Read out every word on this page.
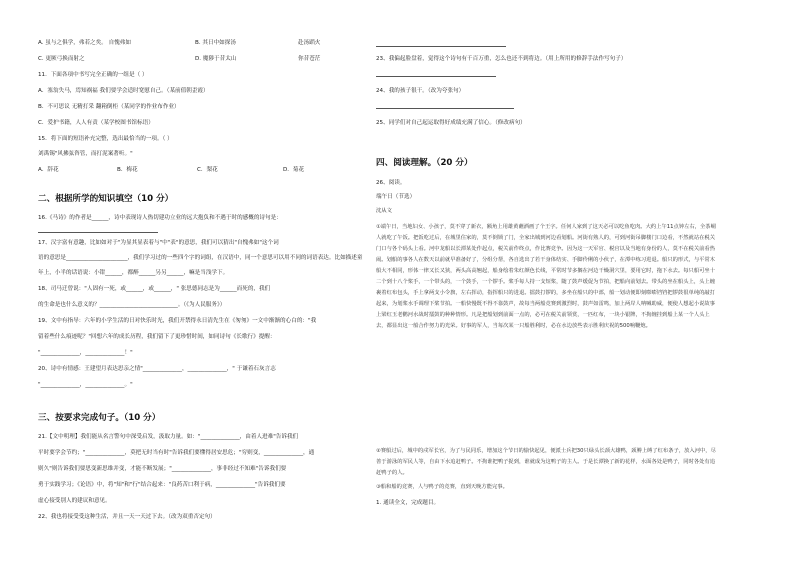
A. 虽与之俱学，弗若之矣。 自愧弗如	B. 其日中如探汤	赴汤蹈火
C. 更厥弓换而射之	D. 魔陟于昔太山	你昔苍茫
11．下面各项中书写完全正确的一组是（ ）
A．塞翁失马，焉知祸福 我们要学会适时宽慰自己。（某前值朝歪霞）
B．不可思议 无精打采 翻箱倒柜（某同学的作业布作业）
C．爱护书籍，人人有责（某学校图书馆标语）
15．将下面的短语补充完整，选出最恰当的一项。（ ）
刘禹锡"风拂弦咨管，而打泥案著听。"
A．辞花	B．梅花	C．梨花	D．菊花
二、根据所学的知识填空（10 分）
16.《马诗》的作者是______，诗中表现诗人热切建功立业的远大抱负和不遇于时的感概的诗句是：
17、汉字富有意趣，比如如对于"为显其显表着与"中"表"的意思，我们可以猜出"自愧弗如"这个词
语的意思是______________________，我们学习过的一些四个字的词组，在汉语中，同一个意思可以用不同的词语表达。比如描述童
年上，小半的话语说：小钳______，都醉______另另______，嘛是当浅学下。
18、司马迁曾说："人固有一死，或______，或______，" 张思德同志是为______而死的，我们
的生命是也什么意义的？____________________________。（《为人民服务》）
19、文中有指导：六年的小学生活的日对快乐时光，我们开禁得永日清先生在《匆匆》一文中渐渐的心白的："我
留着些什么痕迹呢？"回想六年的成长历程，我们留下了更珍惜时间，如同诗句《长歌行》提醒：
"______________，______________！"
20、诗中有情感：王建望月表达思亲之情"______________，______________，" 于谦着石灰言志
"______________，______________。"
三、按要求完成句子。（10 分）
21.【文中明理】我们能从名言警句中深受启发，汲取力量。如："______________，由着人进难"告诉我们
平时要学会节约；"______________，莫把无时当有时"告诉我们要懂得居安思危；"穷则变，______________，通
则久"则告诉我们要思变新思维并变，才能不断发展；"______________，事非经过不知难"告诉我们要
勇于实践学习；《论语》中，将"知"和"行"结合起来："良药苦口利于病，______________"告诉我们要
虚心接受别人的建议和意见。
22、我也将接受受这种生活，并且一天一天过下去。（改为双重否定句）
23、我偏起脸盘着，觉得这个诗句有千百万重，怎么也还不到将边。（用上所用的修辞手法作写句子）
24、我的孩子很干。（改为夸张句）
25、同学们对自己起运取得好成绩充满了信心。（修改病句）
四、阅读理解。（20 分）
26、阅读。
端午日（节选）
沈从文
①端午日，当地妇女、小孩子，莫不穿了新衣，额角上用雄黄蘸酒画了个王字。任何人家到了这天必可以吃鱼吃肉。大约上午11点钟左右，全茶峒人就吃了午饭。把饭吃过后，在城里住家的，莫不倒锁了门，全家出城到河边看划船。河街有熟人的，可到河街吊脚楼门口边看，不然就站在税关门口与各个码头上看。河中龙船以长潭某处作起点，税关前作终点，作比赛竞争。因为这一天军官、税官以及当地有身份的人，莫不在税关前看热闹。划船的事各人在数天以前就早准备好了，分组分帮，各自选出了若干身体结实、手脚伶俐的小伙子，在潭中练习进退。船只的形式，与平常木船大不相同，形体一律又长又狭，两头高高翘起，船身绘着朱红颜色长线，平常时节多搁在河边干燥洞穴里，要用它时，拖下水去。每只船可坐十二个到十八个桨手，一个带头的，一个鼓手，一个锣手。桨手每人持一支短桨，随了鼓声缓促为节拍，把船向前划去。带头的坐在船头上，头上缠裹着红布包头，手上拿两支小令旗，左右挥动，指挥船只的进退。擂鼓打锣的，多坐在船只的中部，船一划动便即刻嘭嘭铛铛把锣鼓很单纯的敲打起来，为划桨水手调理下桨节拍。一船快慢既不得不靠鼓声，故每当两船竞赛到激烈时，鼓声如雷鸣，加上两岸人呐喊助威，便使人想起小说故事上梁红玉老鹳河水战时擂鼓的种种情形。凡是把船划到前面一点的，必可在税关前领赏，一匹红布，一块小银牌，不拘缠挂到船上某一个人头上去，都显出这一船合作努力的光荣。好事的军人，当每次某一只船胜利时，必在水边放些表示胜利庆祝的500响鞭炮。
②赛船过后，城中的戍军长官，为了与民同乐，增加这个节日的愉快起见，便派士兵把30只绿头长颈大雄鸭，颈膊上缚了红布条子，放入河中，尽善于游泳的军民人等，自由下水追赶鸭子。不拘谁把鸭子捉到，谁就成为这鸭子的主人。于是长潭换了新的花样，水面各处是鸭子，同时各处有追赶鸭子的人。
③船和船的竞赛，人与鸭子的竞赛，直到天晚方能完事。
1. 通读全文，完成题目。
